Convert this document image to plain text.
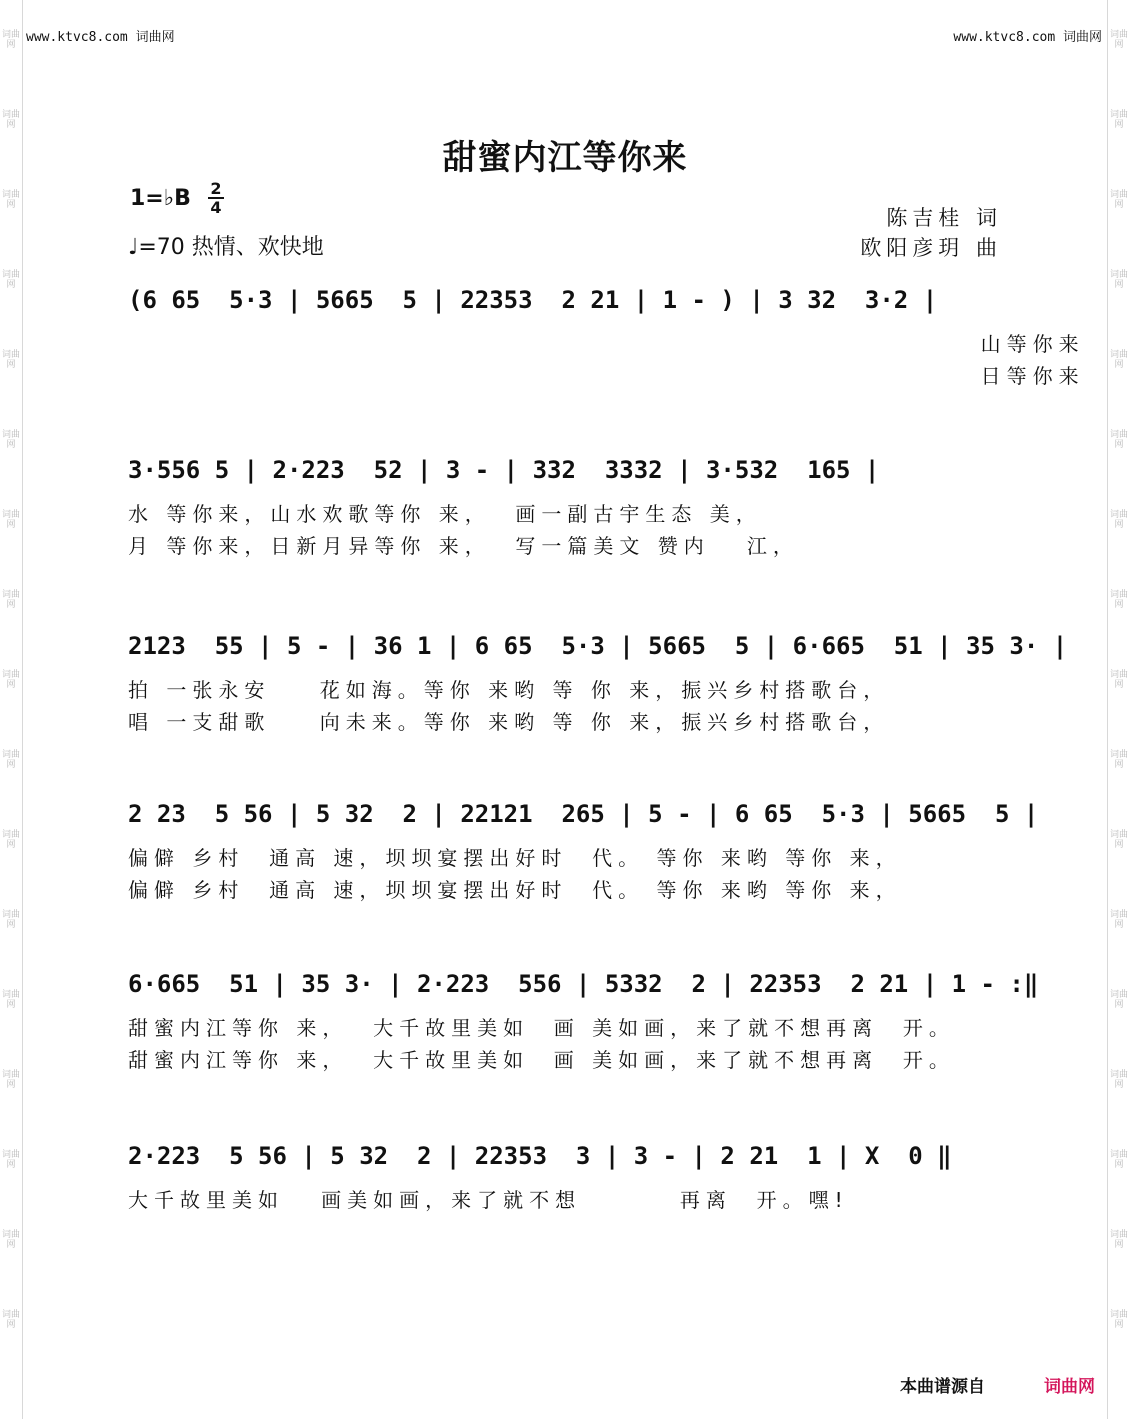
词曲网
词曲网
词曲网
词曲网
词曲网
词曲网
词曲网
词曲网
词曲网
词曲网
词曲网
词曲网
词曲网
词曲网
词曲网
词曲网
词曲网
词曲网
词曲网
词曲网
词曲网
词曲网
词曲网
词曲网
词曲网
词曲网
词曲网
词曲网
词曲网
词曲网
词曲网
词曲网
词曲网
词曲网
www.ktvc8.com 词曲网	www.ktvc8.com 词曲网
甜蜜内江等你来
1=♭B 2
4
♩=70 热情、欢快地
陈吉桂 词
欧阳彦玥 曲
(6 65  5·3 | 5665  5 | 22353  2 21 | 1 - ) | 3 32  3·2 |
山等你来
日等你来
3·556 5 | 2·223  52 | 3 - | 332  3332 | 3·532  165 |
水 等你来，山水欢歌等你 来，  画一副古宇生态 美，
月 等你来，日新月异等你 来，  写一篇美文 赞内   江，
2123  55 | 5 - | 36 1 | 6 65  5·3 | 5665  5 | 6·665  51 | 35 3· |
拍 一张永安    花如海。等你 来哟 等 你 来，振兴乡村搭歌台，
唱 一支甜歌    向未来。等你 来哟 等 你 来，振兴乡村搭歌台，
2 23  5 56 | 5 32  2 | 22121  265 | 5 - | 6 65  5·3 | 5665  5 |
偏僻 乡村  通高 速，坝坝宴摆出好时  代。 等你 来哟 等你 来，
偏僻 乡村  通高 速，坝坝宴摆出好时  代。 等你 来哟 等你 来，
6·665  51 | 35 3· | 2·223  556 | 5332  2 | 22353  2 21 | 1 - :‖
甜蜜内江等你 来，  大千故里美如  画 美如画，来了就不想再离  开。
甜蜜内江等你 来，  大千故里美如  画 美如画，来了就不想再离  开。
2·223  5 56 | 5 32  2 | 22353  3 | 3 - | 2 21  1 | X  0 ‖
大千故里美如   画美如画，来了就不想        再离  开。嘿!
本曲谱源自	词曲网
